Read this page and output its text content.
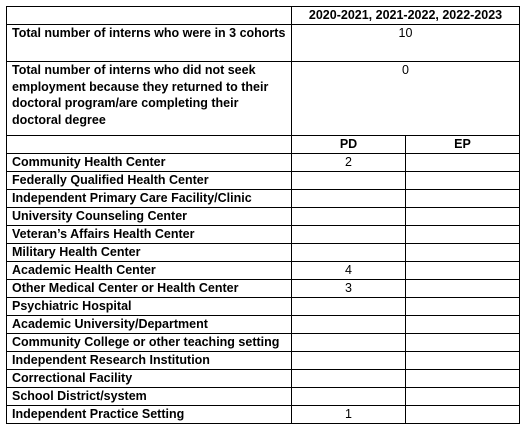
	2020-2021, 2021-2022, 2022-2023	
Total number of interns who were in 3 cohorts	10	
Total number of interns who did not seek employment because they returned to their doctoral program/are completing their doctoral degree	0	
	PD	EP
Community Health Center	2	
Federally Qualified Health Center		
Independent Primary Care Facility/Clinic		
University Counseling Center		
Veteran’s Affairs Health Center		
Military Health Center		
Academic Health Center	4	
Other Medical Center or Health Center	3	
Psychiatric Hospital		
Academic University/Department		
Community College or other teaching setting		
Independent Research Institution		
Correctional Facility		
School District/system		
Independent Practice Setting	1	
